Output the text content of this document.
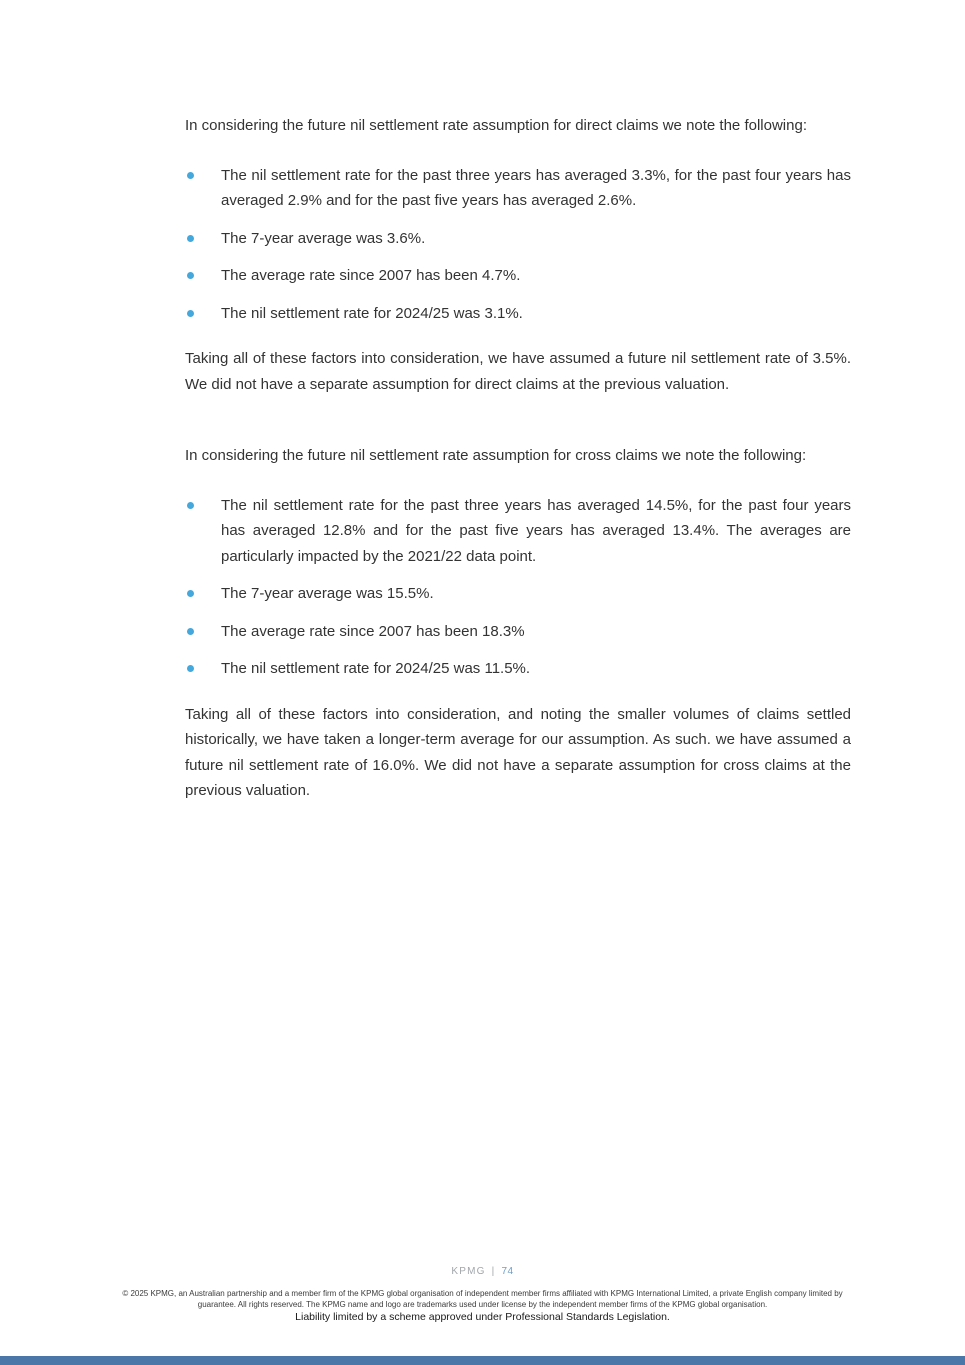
In considering the future nil settlement rate assumption for direct claims we note the following:

The nil settlement rate for the past three years has averaged 3.3%, for the past four years has averaged 2.9% and for the past five years has averaged 2.6%.
The 7-year average was 3.6%.
The average rate since 2007 has been 4.7%.
The nil settlement rate for 2024/25 was 3.1%.

Taking all of these factors into consideration, we have assumed a future nil settlement rate of 3.5%. We did not have a separate assumption for direct claims at the previous valuation.

In considering the future nil settlement rate assumption for cross claims we note the following:

The nil settlement rate for the past three years has averaged 14.5%, for the past four years has averaged 12.8% and for the past five years has averaged 13.4%. The averages are particularly impacted by the 2021/22 data point.
The 7-year average was 15.5%.
The average rate since 2007 has been 18.3%
The nil settlement rate for 2024/25 was 11.5%.

Taking all of these factors into consideration, and noting the smaller volumes of claims settled historically, we have taken a longer-term average for our assumption. As such. we have assumed a future nil settlement rate of 16.0%. We did not have a separate assumption for cross claims at the previous valuation.

KPMG | 74

© 2025 KPMG, an Australian partnership and a member firm of the KPMG global organisation of independent member firms affiliated with KPMG International Limited, a private English company limited by guarantee. All rights reserved. The KPMG name and logo are trademarks used under license by the independent member firms of the KPMG global organisation.

Liability limited by a scheme approved under Professional Standards Legislation.
